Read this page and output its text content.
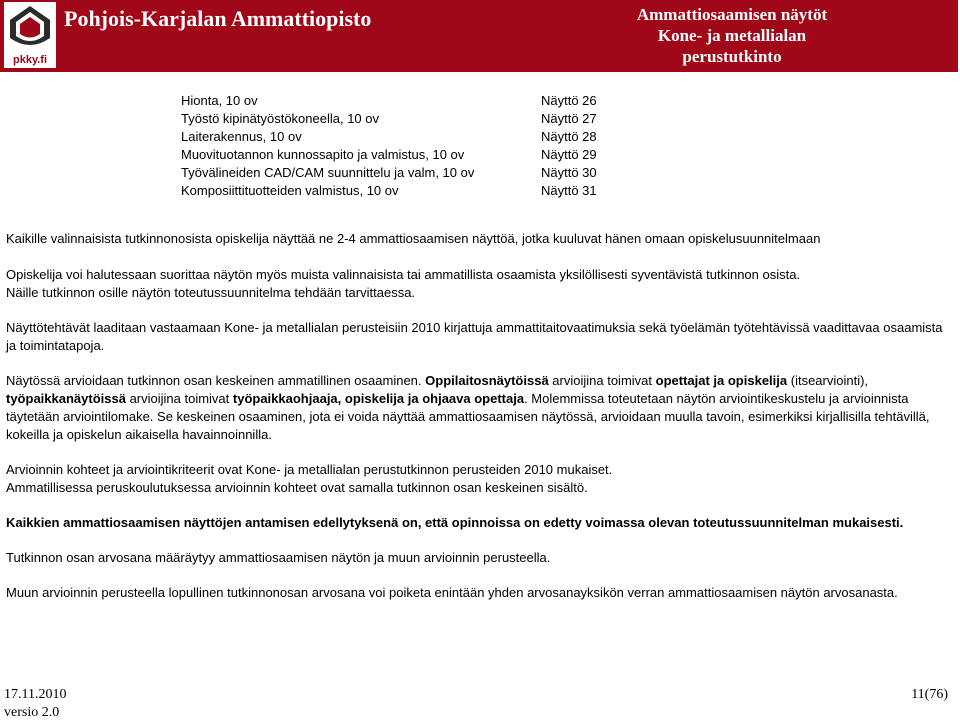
pkky.fi
Pohjois-Karjalan Ammattiopisto	Ammattiosaamisen näytöt
Kone- ja metallialan
perustutkinto
Hionta, 10 ov	Näyttö 26
Työstö kipinätyöstökoneella, 10 ov	Näyttö 27
Laiterakennus, 10 ov	Näyttö 28
Muovituotannon kunnossapito ja valmistus, 10 ov	Näyttö 29
Työvälineiden CAD/CAM suunnittelu ja valm, 10 ov	Näyttö 30
Komposiittituotteiden valmistus, 10 ov	Näyttö 31

Kaikille valinnaisista tutkinnonosista opiskelija näyttää ne 2-4 ammattiosaamisen näyttöä, jotka kuuluvat hänen omaan opiskelusuunnitelmaan

Opiskelija voi halutessaan suorittaa näytön myös muista valinnaisista tai ammatillista osaamista yksilöllisesti syventävistä tutkinnon osista.

Näille tutkinnon osille näytön toteutussuunnitelma tehdään tarvittaessa.

Näyttötehtävät laaditaan vastaamaan Kone- ja metallialan perusteisiin 2010 kirjattuja ammattitaitovaatimuksia sekä työelämän työtehtävissä vaadittavaa osaamista ja toimintatapoja.

Näytössä arvioidaan tutkinnon osan keskeinen ammatillinen osaaminen. Oppilaitosnäytöissä arvioijina toimivat opettajat ja opiskelija (itsearviointi), työpaikkanäytöissä arvioijina toimivat työpaikkaohjaaja, opiskelija ja ohjaava opettaja. Molemmissa toteutetaan näytön arviointikeskustelu ja arvioinnista täytetään arviointilomake. Se keskeinen osaaminen, jota ei voida näyttää ammattiosaamisen näytössä, arvioidaan muulla tavoin, esimerkiksi kirjallisilla tehtävillä, kokeilla ja opiskelun aikaisella havainnoinnilla.

Arvioinnin kohteet ja arviointikriteerit ovat Kone- ja metallialan perustutkinnon perusteiden 2010 mukaiset.

Ammatillisessa peruskoulutuksessa arvioinnin kohteet ovat samalla tutkinnon osan keskeinen sisältö.

Kaikkien ammattiosaamisen näyttöjen antamisen edellytyksenä on, että opinnoissa on edetty voimassa olevan toteutussuunnitelman mukaisesti.

Tutkinnon osan arvosana määräytyy ammattiosaamisen näytön ja muun arvioinnin perusteella.

Muun arvioinnin perusteella lopullinen tutkinnonosan arvosana voi poiketa enintään yhden arvosanayksikön verran ammattiosaamisen näytön arvosanasta.

17.11.2010
versio 2.0
11(76)
